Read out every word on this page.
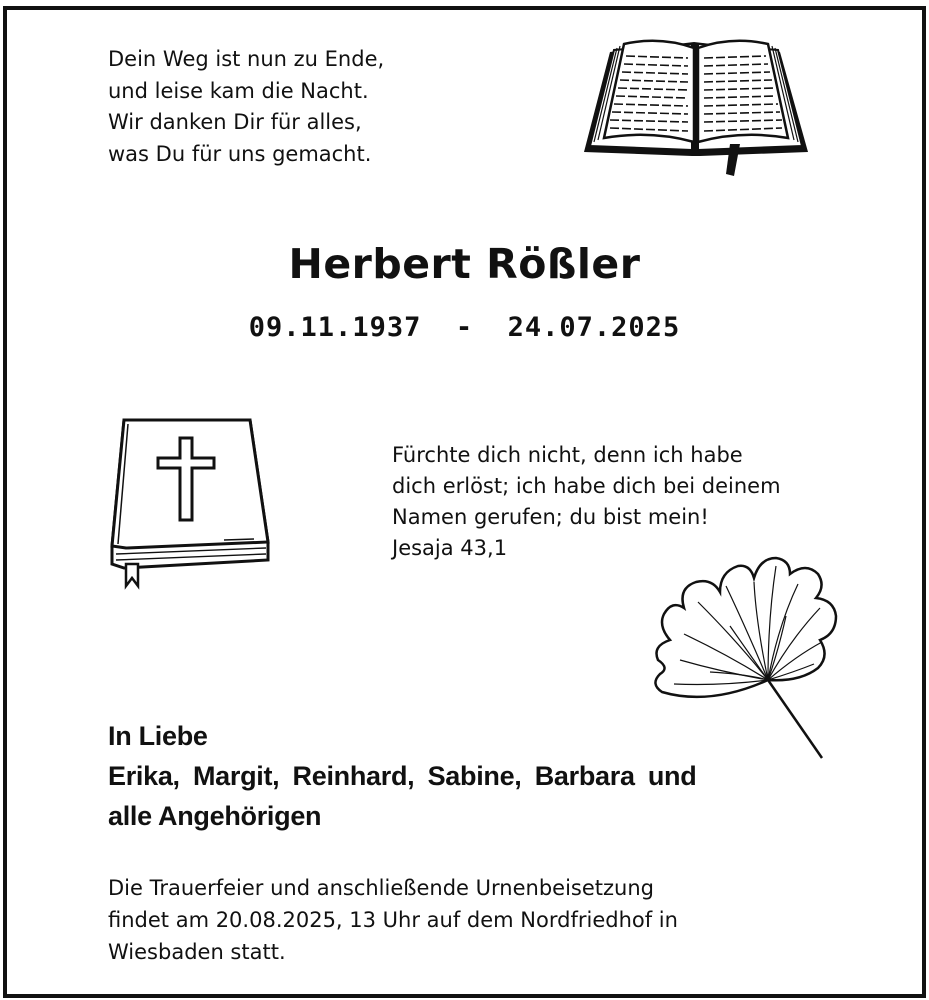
Dein Weg ist nun zu Ende,
und leise kam die Nacht.
Wir danken Dir für alles,
was Du für uns gemacht.
Herbert Rößler
09.11.1937 - 24.07.2025
Fürchte dich nicht, denn ich habe
dich erlöst; ich habe dich bei deinem
Namen gerufen; du bist mein!
Jesaja 43,1
In Liebe
Erika, Margit, Reinhard, Sabine, Barbara und
alle Angehörigen
Die Trauerfeier und anschließende Urnenbeisetzung
findet am 20.08.2025, 13 Uhr auf dem Nordfriedhof in
Wiesbaden statt.
